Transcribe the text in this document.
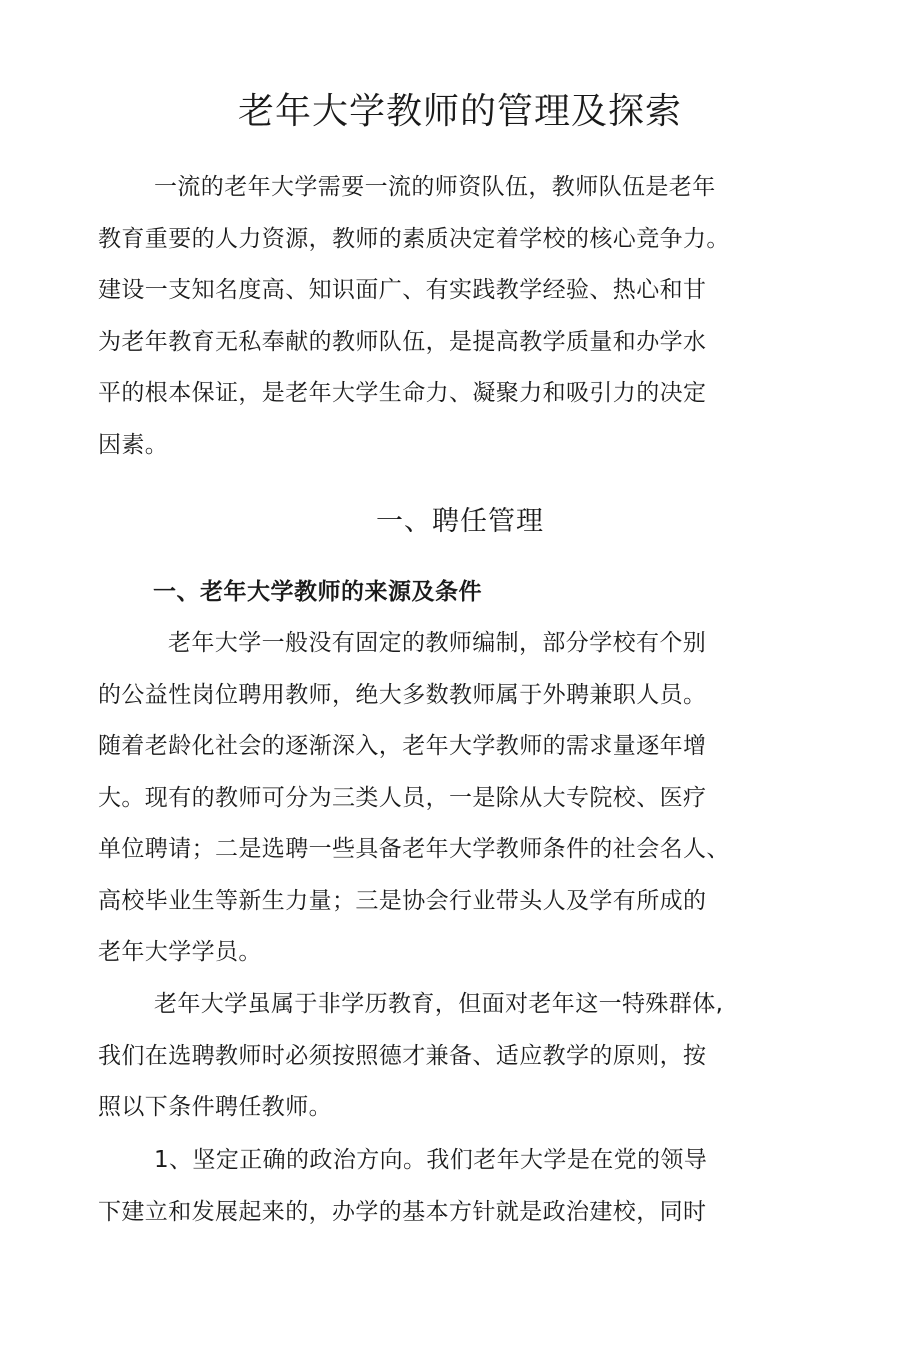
老年大学教师的管理及探索
一流的老年大学需要一流的师资队伍，教师队伍是老年
教育重要的人力资源，教师的素质决定着学校的核心竞争力。
建设一支知名度高、知识面广、有实践教学经验、热心和甘
为老年教育无私奉献的教师队伍，是提高教学质量和办学水
平的根本保证，是老年大学生命力、凝聚力和吸引力的决定
因素。
一、聘任管理
一、老年大学教师的来源及条件
老年大学一般没有固定的教师编制，部分学校有个别
的公益性岗位聘用教师，绝大多数教师属于外聘兼职人员。
随着老龄化社会的逐渐深入，老年大学教师的需求量逐年增
大。现有的教师可分为三类人员，一是除从大专院校、医疗
单位聘请；二是选聘一些具备老年大学教师条件的社会名人、
高校毕业生等新生力量；三是协会行业带头人及学有所成的
老年大学学员。
老年大学虽属于非学历教育，但面对老年这一特殊群体,
我们在选聘教师时必须按照德才兼备、适应教学的原则，按
照以下条件聘任教师。
1、坚定正确的政治方向。我们老年大学是在党的领导
下建立和发展起来的，办学的基本方针就是政治建校，同时
